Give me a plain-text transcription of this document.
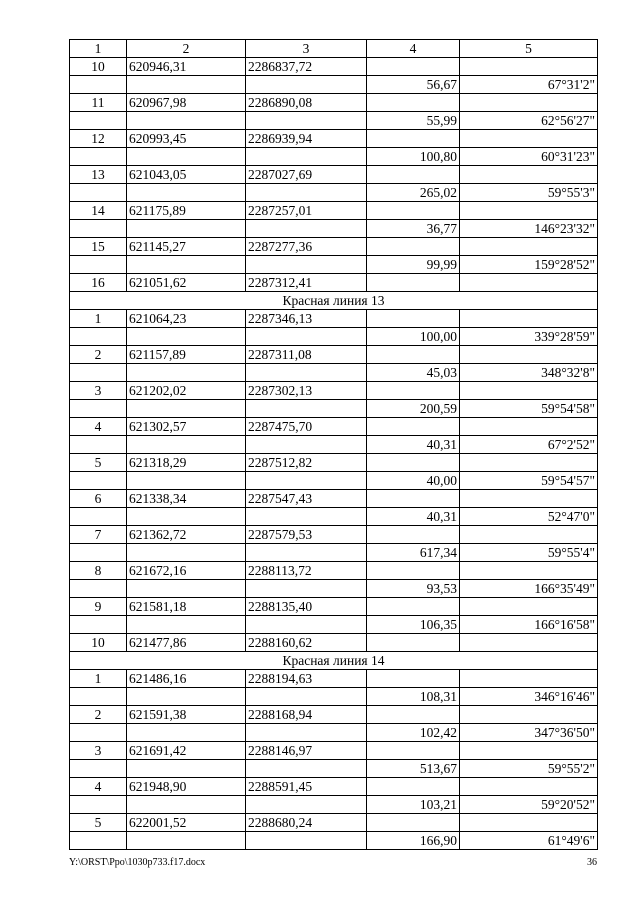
1	2	3	4	5
10	620946,31	2286837,72		
			56,67	67°31'2"
11	620967,98	2286890,08		
			55,99	62°56'27"
12	620993,45	2286939,94		
			100,80	60°31'23"
13	621043,05	2287027,69		
			265,02	59°55'3"
14	621175,89	2287257,01		
			36,77	146°23'32"
15	621145,27	2287277,36		
			99,99	159°28'52"
16	621051,62	2287312,41		
Красная линия 13				
1	621064,23	2287346,13		
			100,00	339°28'59"
2	621157,89	2287311,08		
			45,03	348°32'8"
3	621202,02	2287302,13		
			200,59	59°54'58"
4	621302,57	2287475,70		
			40,31	67°2'52"
5	621318,29	2287512,82		
			40,00	59°54'57"
6	621338,34	2287547,43		
			40,31	52°47'0"
7	621362,72	2287579,53		
			617,34	59°55'4"
8	621672,16	2288113,72		
			93,53	166°35'49"
9	621581,18	2288135,40		
			106,35	166°16'58"
10	621477,86	2288160,62		
Красная линия 14				
1	621486,16	2288194,63		
			108,31	346°16'46"
2	621591,38	2288168,94		
			102,42	347°36'50"
3	621691,42	2288146,97		
			513,67	59°55'2"
4	621948,90	2288591,45		
			103,21	59°20'52"
5	622001,52	2288680,24		
			166,90	61°49'6"
Y:\ORST\Ppo\1030p733.f17.docx	36
